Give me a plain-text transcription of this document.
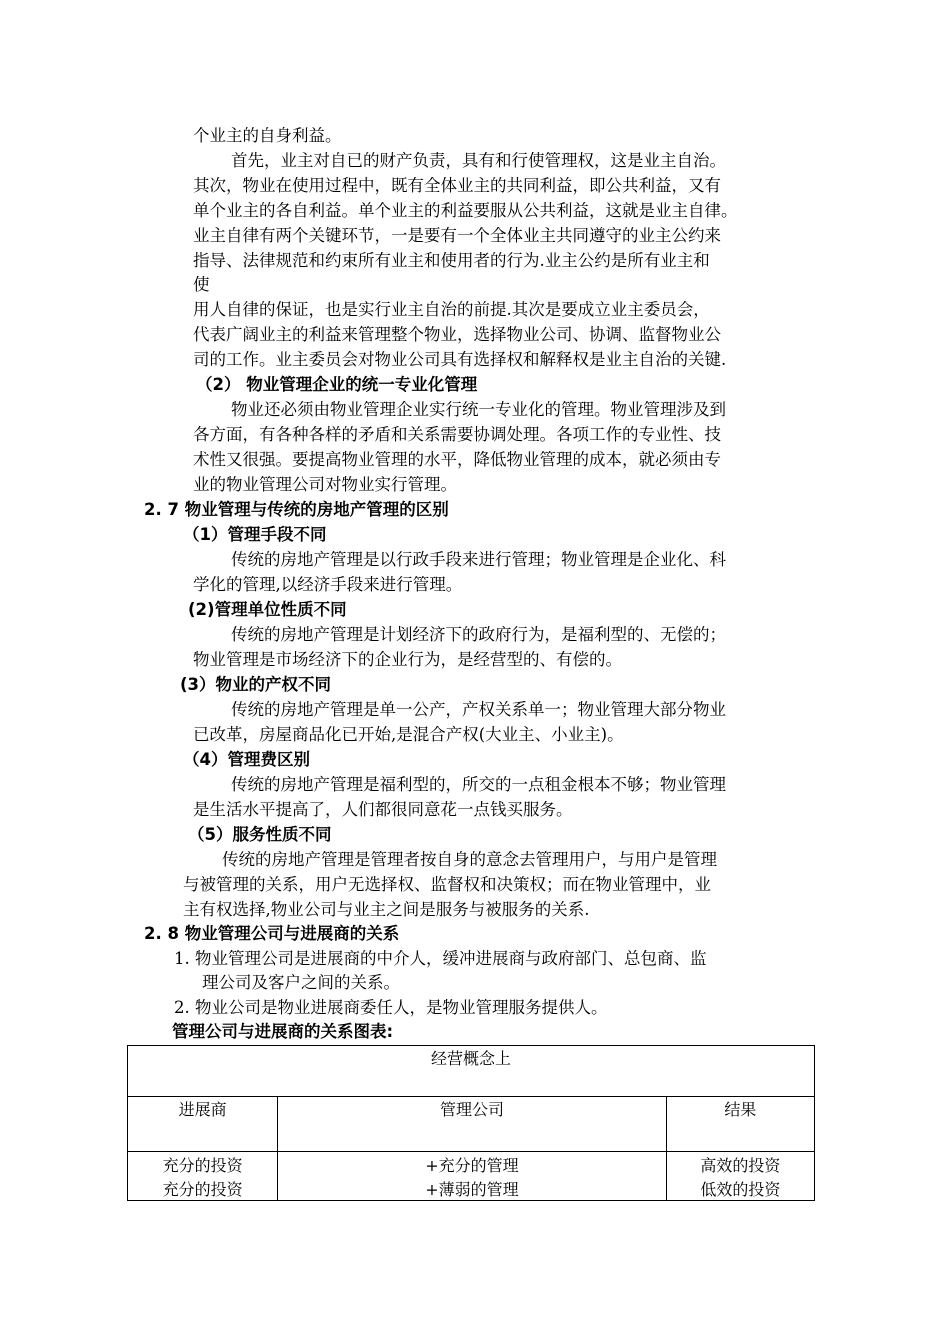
个业主的自身利益。
首先，业主对自已的财产负责，具有和行使管理权，这是业主自治。
其次，物业在使用过程中，既有全体业主的共同利益，即公共利益，又有
单个业主的各自利益。单个业主的利益要服从公共利益，这就是业主自律。
业主自律有两个关键环节，一是要有一个全体业主共同遵守的业主公约来
指导、法律规范和约束所有业主和使用者的行为.业主公约是所有业主和
使
用人自律的保证，也是实行业主自治的前提.其次是要成立业主委员会，
代表广阔业主的利益来管理整个物业，选择物业公司、协调、监督物业公
司的工作。业主委员会对物业公司具有选择权和解释权是业主自治的关键.
（2） 物业管理企业的统一专业化管理
物业还必须由物业管理企业实行统一专业化的管理。物业管理涉及到
各方面，有各种各样的矛盾和关系需要协调处理。各项工作的专业性、技
术性又很强。要提高物业管理的水平，降低物业管理的成本，就必须由专
业的物业管理公司对物业实行管理。
2. 7 物业管理与传统的房地产管理的区别
（1）管理手段不同
传统的房地产管理是以行政手段来进行管理；物业管理是企业化、科
学化的管理,以经济手段来进行管理。
(2)管理单位性质不同
传统的房地产管理是计划经济下的政府行为，是福利型的、无偿的；
物业管理是市场经济下的企业行为，是经营型的、有偿的。
(3）物业的产权不同
传统的房地产管理是单一公产，产权关系单一；物业管理大部分物业
已改革，房屋商品化已开始,是混合产权(大业主、小业主)。
（4）管理费区别
传统的房地产管理是福利型的，所交的一点租金根本不够；物业管理
是生活水平提高了，人们都很同意花一点钱买服务。
（5）服务性质不同
传统的房地产管理是管理者按自身的意念去管理用户，与用户是管理
与被管理的关系，用户无选择权、监督权和决策权；而在物业管理中，业
主有权选择,物业公司与业主之间是服务与被服务的关系.
2. 8 物业管理公司与进展商的关系
1. 物业管理公司是进展商的中介人，缓冲进展商与政府部门、总包商、监
理公司及客户之间的关系。
2. 物业公司是物业进展商委任人，是物业管理服务提供人。
管理公司与进展商的关系图表:
经营概念上		
进展商	管理公司	结果
充分的投资	+充分的管理	高效的投资
充分的投资	+薄弱的管理	低效的投资
